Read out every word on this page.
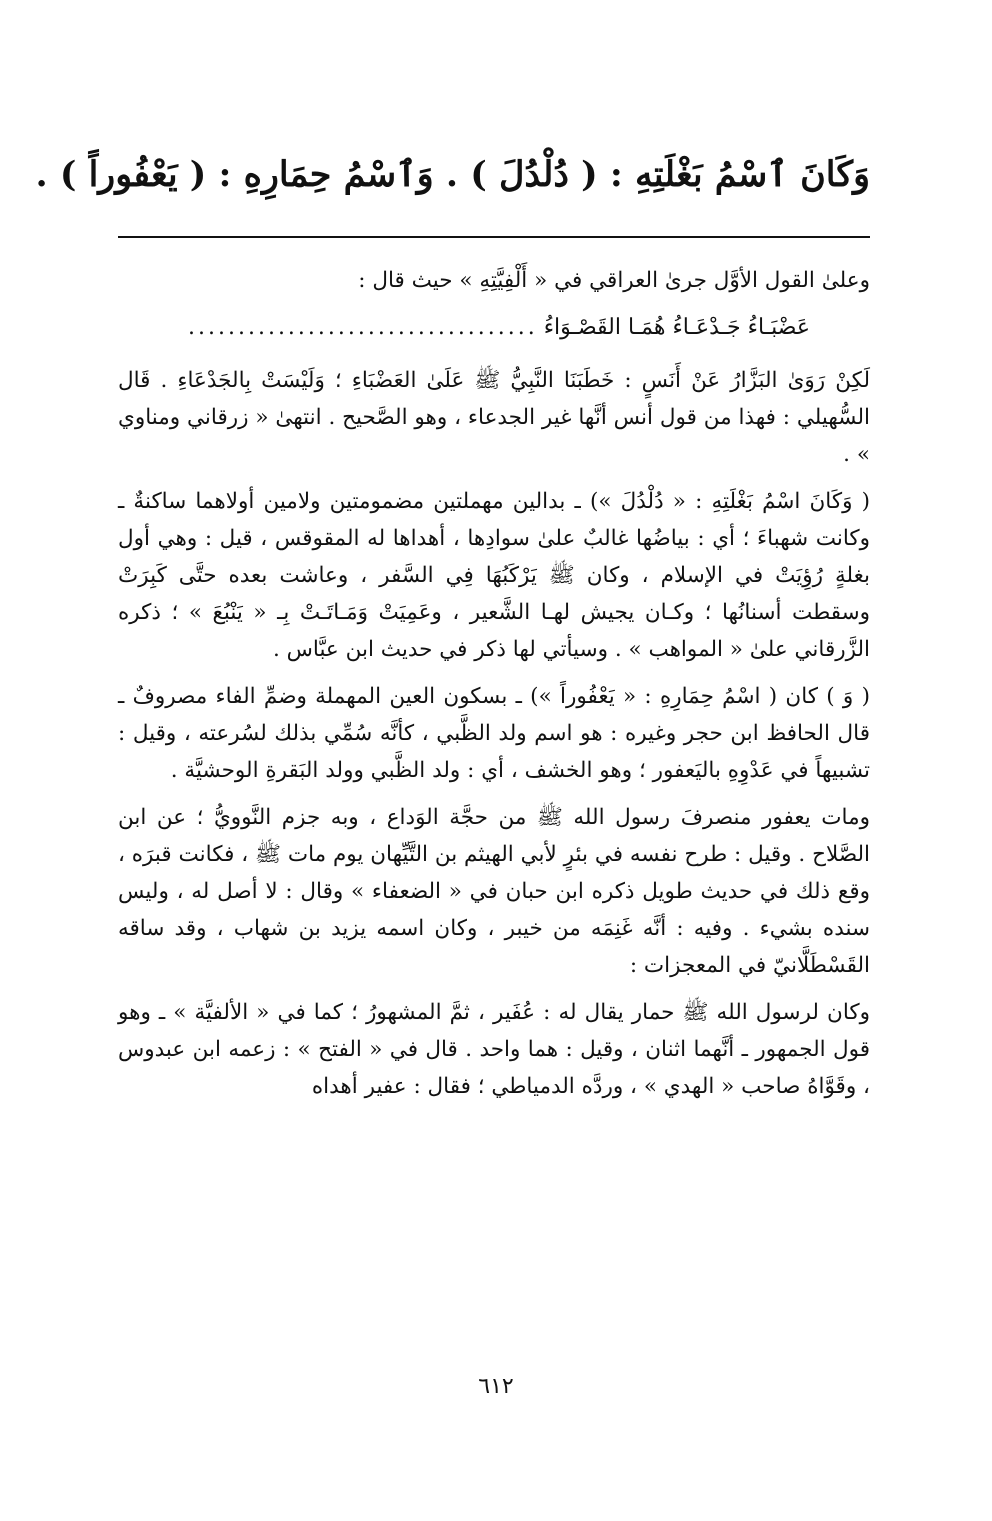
وَكَانَ ٱسْمُ بَغْلَتِهِ : ( دُلْدُلَ ) . وَٱسْمُ حِمَارِهِ : ( يَعْفُوراً ) .

وعلىٰ القول الأوَّل جرىٰ العراقي في « أَلْفِيَّتِهِ » حيث قال :

عَضْبَـاءُ جَـدْعَـاءُ هُمَـا القَصْـوَاءُ
...................................

لَكِنْ رَوَىٰ البَزَّارُ عَنْ أَنَسٍ : خَطَبَنَا النَّبِيُّ ﷺ عَلَىٰ العَضْبَاءِ ؛ وَلَيْسَتْ بِالجَدْعَاءِ . قَال السُّهيلي : فهذا من قول أنس أنَّها غير الجدعاء ، وهو الصَّحيح . انتهىٰ « زرقاني ومناوي » .

( وَكَانَ اسْمُ بَغْلَتِهِ : « دُلْدُلَ ») ـ بدالين مهملتين مضمومتين ولامين أولاهما ساكنةٌ ـ وكانت شهباءَ ؛ أي : بياضُها غالبٌ علىٰ سوادِها ، أهداها له المقوقس ، قيل : وهي أول بغلةٍ رُؤِيَتْ في الإسلام ، وكان ﷺ يَرْكَبُهَا فِي السَّفر ، وعاشت بعده حتَّى كَبِرَتْ وسقطت أسنانُها ؛ وكـان يجيش لهـا الشَّعير ، وعَمِيَتْ وَمَـاتَـتْ بِـ « يَنْبُعَ » ؛ ذكره الزَّرقاني علىٰ « المواهب » . وسيأتي لها ذكر في حديث ابن عبَّاس .

( وَ ) كان ( اسْمُ حِمَارِهِ : « يَعْفُوراً ») ـ بسكون العين المهملة وضمِّ الفاء مصروفٌ ـ قال الحافظ ابن حجر وغيره : هو اسم ولد الظَّبي ، كأنَّه سُمِّي بذلك لسُرعته ، وقيل : تشبيهاً في عَدْوِهِ باليَعفور ؛ وهو الخشف ، أي : ولد الظَّبي وولد البَقرةِ الوحشيَّة .

ومات يعفور منصرفَ رسول الله ﷺ من حجَّة الوَداع ، وبه جزم النَّوويُّ ؛ عن ابن الصَّلاح . وقيل : طرح نفسه في بئرٍ لأبي الهيثم بن التَّيِّهان يوم مات ﷺ ، فكانت قبرَه ، وقع ذلك في حديث طويل ذكره ابن حبان في « الضعفاء » وقال : لا أصل له ، وليس سنده بشيء . وفيه : أنَّه غَنِمَه من خيبر ، وكان اسمه يزيد بن شهاب ، وقد ساقه القَسْطَلَّانيّ في المعجزات :

وكان لرسول الله ﷺ حمار يقال له : عُفَير ، ثمَّ المشهورُ ؛ كما في « الألفيَّة » ـ وهو قول الجمهور ـ أنَّهما اثنان ، وقيل : هما واحد . قال في « الفتح » : زعمه ابن عبدوس ، وقَوَّاهُ صاحب « الهدي » ، وردَّه الدمياطي ؛ فقال : عفير أهداه

٦١٢
